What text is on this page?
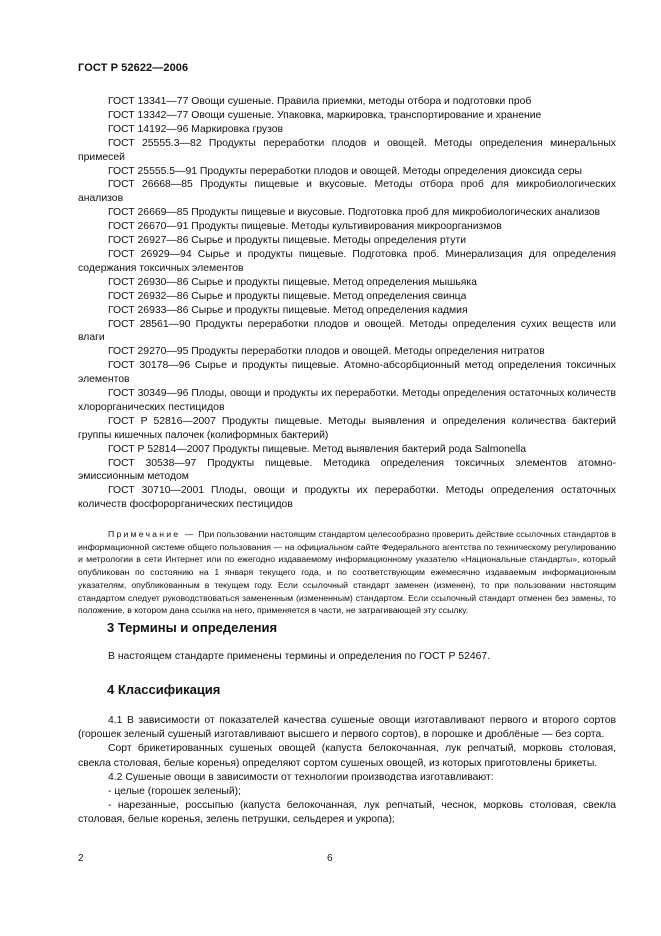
ГОСТ Р 52622—2006

ГОСТ 13341—77 Овощи сушеные. Правила приемки, методы отбора и подготовки проб

ГОСТ 13342—77 Овощи сушеные. Упаковка, маркировка, транспортирование и хранение

ГОСТ 14192—96 Маркировка грузов

ГОСТ 25555.3—82 Продукты переработки плодов и овощей. Методы определения минеральных примесей

ГОСТ 25555.5—91 Продукты переработки плодов и овощей. Методы определения диоксида серы

ГОСТ 26668—85 Продукты пищевые и вкусовые. Методы отбора проб для микробиологических анализов

ГОСТ 26669—85 Продукты пищевые и вкусовые. Подготовка проб для микробиологических анализов

ГОСТ 26670—91 Продукты пищевые. Методы культивирования микроорганизмов

ГОСТ 26927—86 Сырье и продукты пищевые. Методы определения ртути

ГОСТ 26929—94 Сырье и продукты пищевые. Подготовка проб. Минерализация для определения содержания токсичных элементов

ГОСТ 26930—86 Сырье и продукты пищевые. Метод определения мышьяка

ГОСТ 26932—86 Сырье и продукты пищевые. Метод определения свинца

ГОСТ 26933—86 Сырье и продукты пищевые. Метод определения кадмия

ГОСТ 28561—90 Продукты переработки плодов и овощей. Методы определения сухих веществ или влаги

ГОСТ 29270—95 Продукты переработки плодов и овощей. Методы определения нитратов

ГОСТ 30178—96 Сырье и продукты пищевые. Атомно-абсорбционный метод определения токсичных элементов

ГОСТ 30349—96 Плоды, овощи и продукты их переработки. Методы определения остаточных количеств хлорорганических пестицидов

ГОСТ Р 52816—2007 Продукты пищевые. Методы выявления и определения количества бактерий группы кишечных палочек (колиформных бактерий)

ГОСТ Р 52814—2007 Продукты пищевые. Метод выявления бактерий рода Salmonella

ГОСТ 30538—97 Продукты пищевые. Методика определения токсичных элементов атомно-эмиссионным методом

ГОСТ 30710—2001 Плоды, овощи и продукты их переработки. Методы определения остаточных количеств фосфорорганических пестицидов

Примечание — При пользовании настоящим стандартом целесообразно проверить действие ссылочных стандартов в информационной системе общего пользования — на официальном сайте Федерального агентства по техническому регулированию и метрологии в сети Интернет или по ежегодно издаваемому информационному указателю «Национальные стандарты», который опубликован по состоянию на 1 января текущего года, и по соответствующим ежемесячно издаваемым информационным указателям, опубликованным в текущем году. Если ссылочный стандарт заменен (изменен), то при пользовании настоящим стандартом следует руководствоваться замененным (измененным) стандартом. Если ссылочный стандарт отменен без замены, то положение, в котором дана ссылка на него, применяется в части, не затрагивающей эту ссылку.
3 Термины и определения

В настоящем стандарте применены термины и определения по ГОСТ Р 52467.

4 Классификация

4.1 В зависимости от показателей качества сушеные овощи изготавливают первого и второго сортов (горошек зеленый сушеный изготавливают высшего и первого сортов), в порошке и дроблёные — без сорта.

Сорт брикетированных сушеных овощей (капуста белокочанная, лук репчатый, морковь столовая, свекла столовая, белые коренья) определяют сортом сушеных овощей, из которых приготовлены брикеты.

4.2 Сушеные овощи в зависимости от технологии производства изготавливают:

- целые (горошек зеленый);

- нарезанные, россыпью (капуста белокочанная, лук репчатый, чеснок, морковь столовая, свекла столовая, белые коренья, зелень петрушки, сельдерея и укропа);

2	6
